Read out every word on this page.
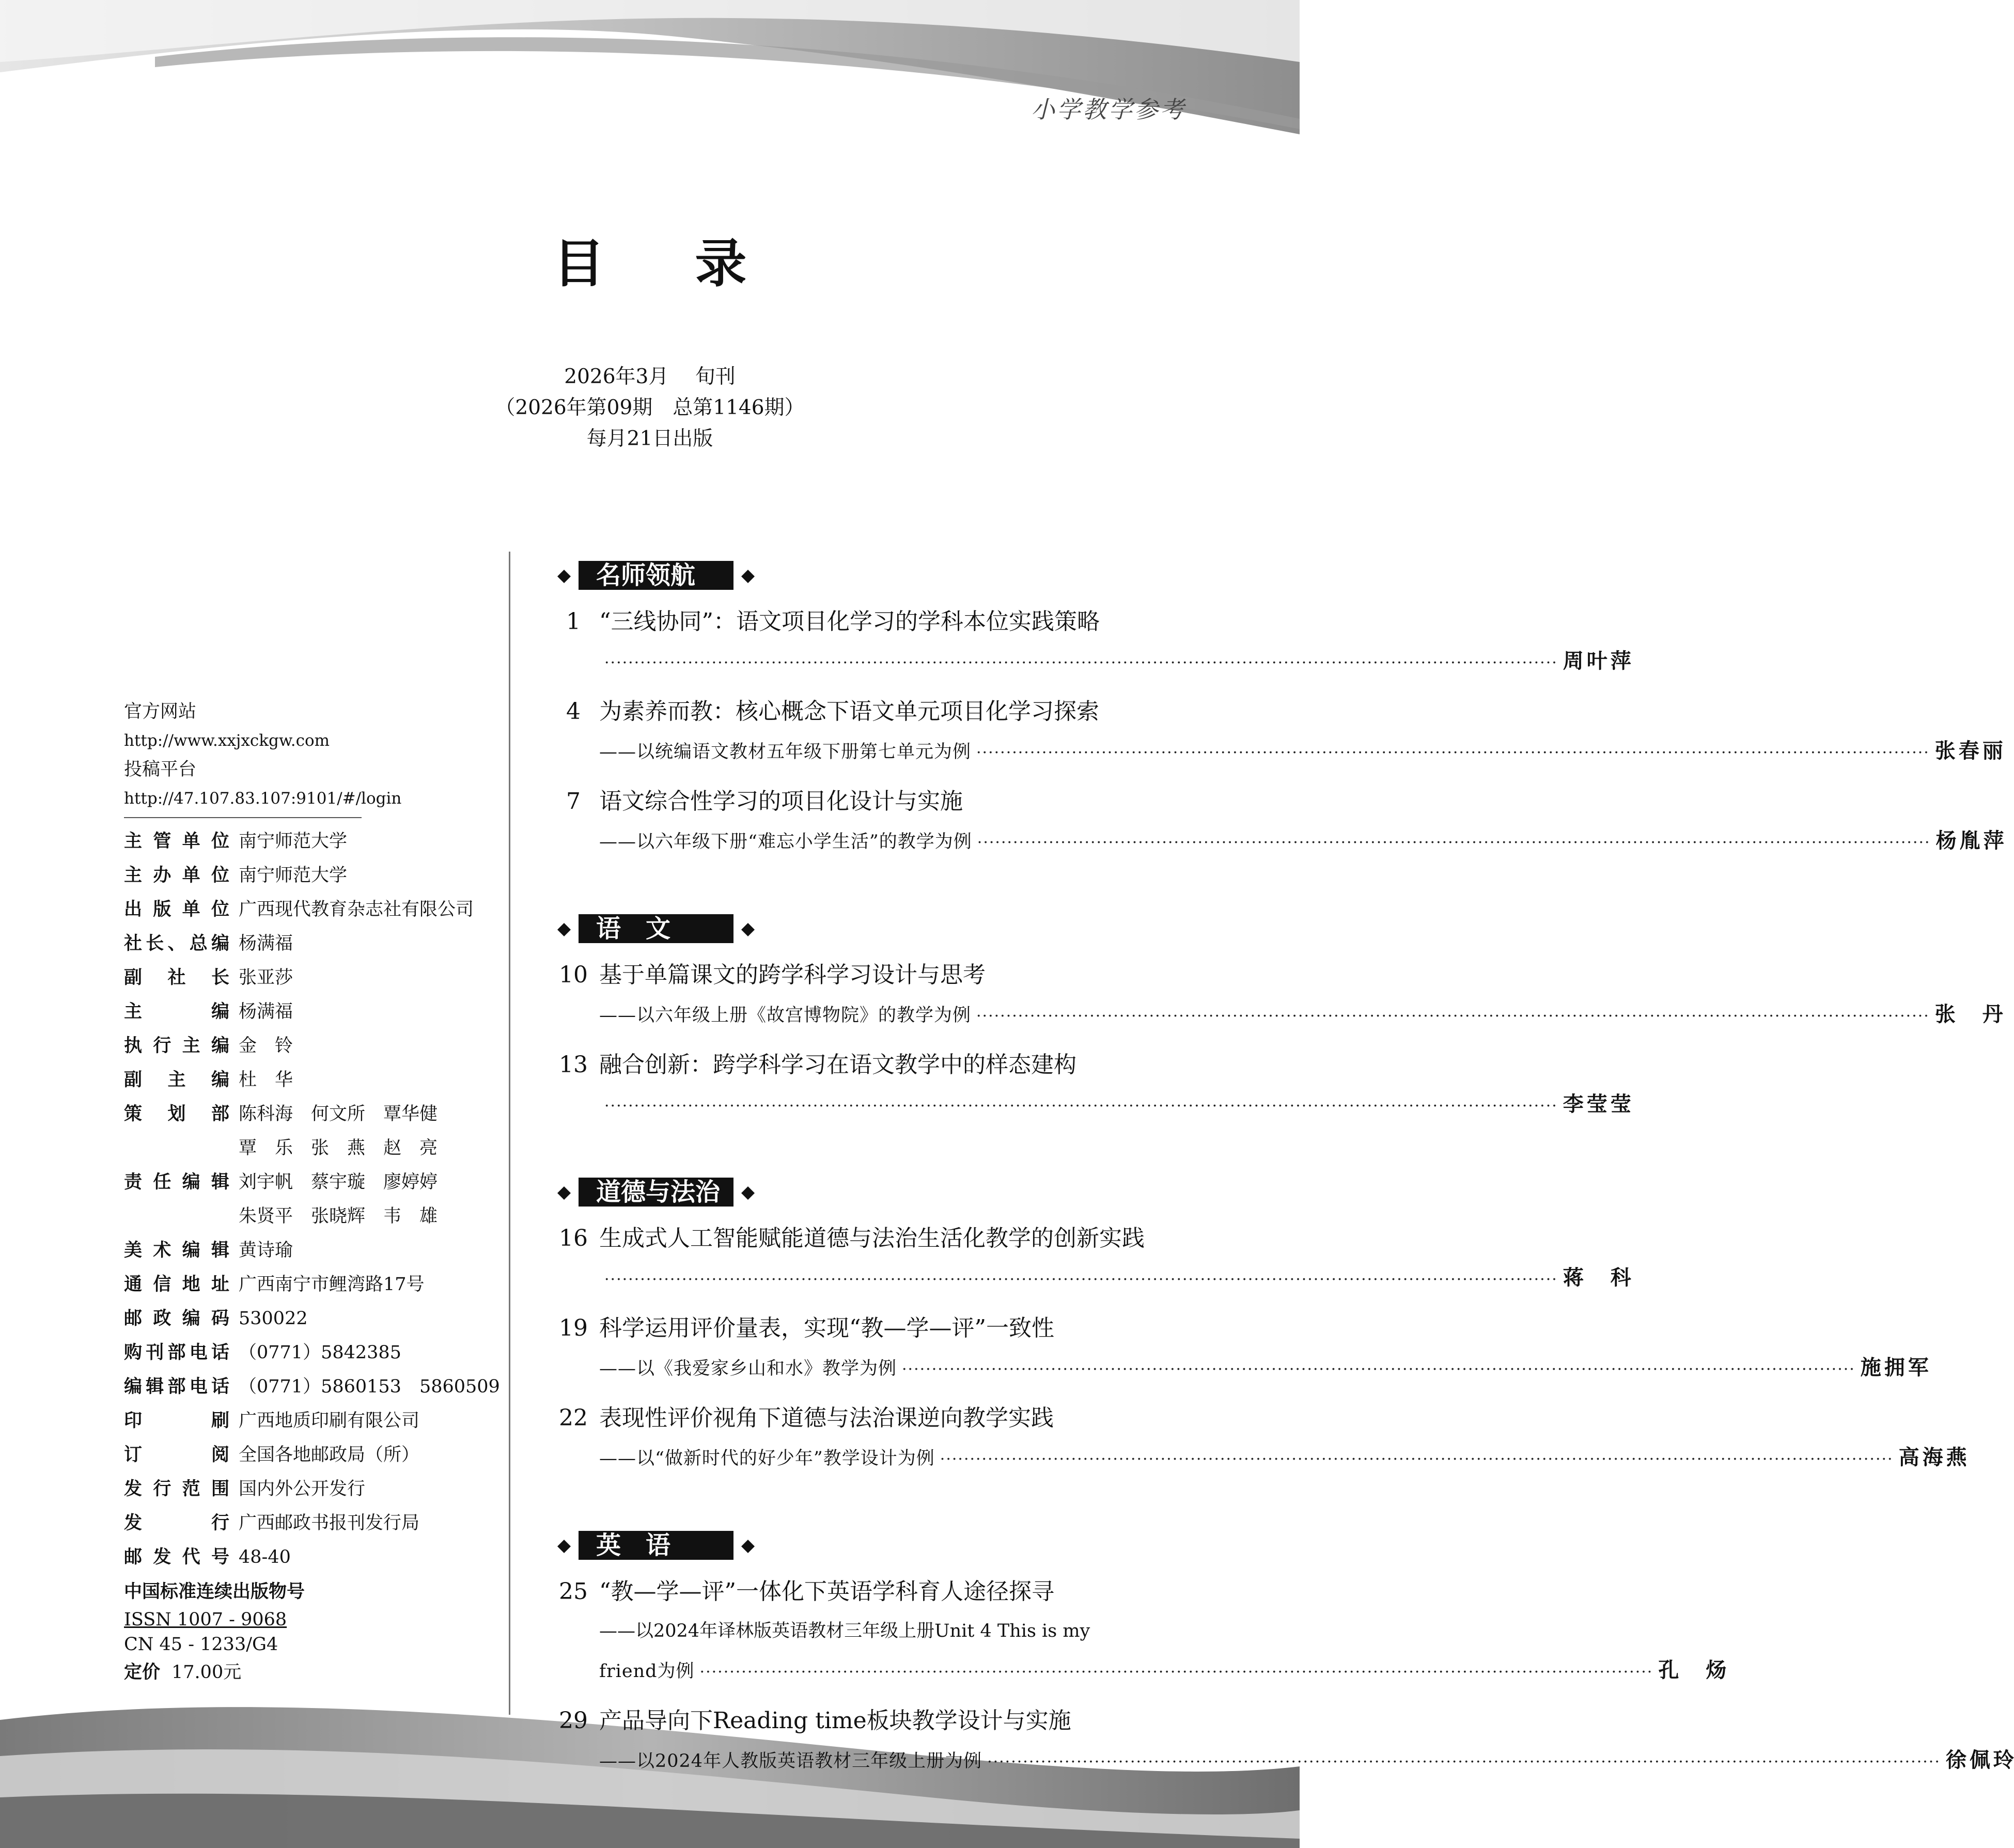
小学教学参考
目 录
2026年3月　 旬刊
（2026年第09期　总第1146期）
每月21日出版
官方网站
http://www.xxjxckgw.com
投稿平台
http://47.107.83.107:9101/#/login
主管单位 南宁师范大学
主办单位 南宁师范大学
出版单位 广西现代教育杂志社有限公司
社长、总编 杨满福
副社长 张亚莎
主编 杨满福
执行主编 金　铃
副主编 杜　华
策划部 陈科海　何文所　覃华健
覃　乐　张　燕　赵　亮
责任编辑 刘宇帆　蔡宇璇　廖婷婷
朱贤平　张晓辉　韦　雄
美术编辑 黄诗瑜
通信地址 广西南宁市鲤湾路17号
邮政编码 530022
购刊部电话 （0771）5842385
编辑部电话 （0771）5860153　5860509
印刷 广西地质印刷有限公司
订阅 全国各地邮政局（所）
发行范围 国内外公开发行
发行 广西邮政书报刊发行局
邮发代号 48-40
中国标准连续出版物号
ISSN 1007 - 9068
CN 45 - 1233/G4
定价 17.00元
名师领航
1 “三线协同”：语文项目化学习的学科本位实践策略
································································································································································ 周叶萍
4 为素养而教：核心概念下语文单元项目化学习探索
——以统编语文教材五年级下册第七单元为例 ································································································································································ 张春丽
7 语文综合性学习的项目化设计与实施
——以六年级下册“难忘小学生活”的教学为例 ································································································································································ 杨胤萍
语　文
10 基于单篇课文的跨学科学习设计与思考
——以六年级上册《故宫博物院》的教学为例 ································································································································································ 张　丹
13 融合创新：跨学科学习在语文教学中的样态建构
································································································································································ 李莹莹
道德与法治
16 生成式人工智能赋能道德与法治生活化教学的创新实践
································································································································································ 蒋　科
19 科学运用评价量表，实现“教—学—评”一致性
——以《我爱家乡山和水》教学为例 ································································································································································ 施拥军
22 表现性评价视角下道德与法治课逆向教学实践
——以“做新时代的好少年”教学设计为例 ································································································································································ 高海燕
英　语
25 “教—学—评”一体化下英语学科育人途径探寻
——以2024年译林版英语教材三年级上册Unit 4 This is my
friend为例 ································································································································································ 孔　炀
29 产品导向下Reading time板块教学设计与实施
——以2024年人教版英语教材三年级上册为例 ································································································································································ 徐佩玲
